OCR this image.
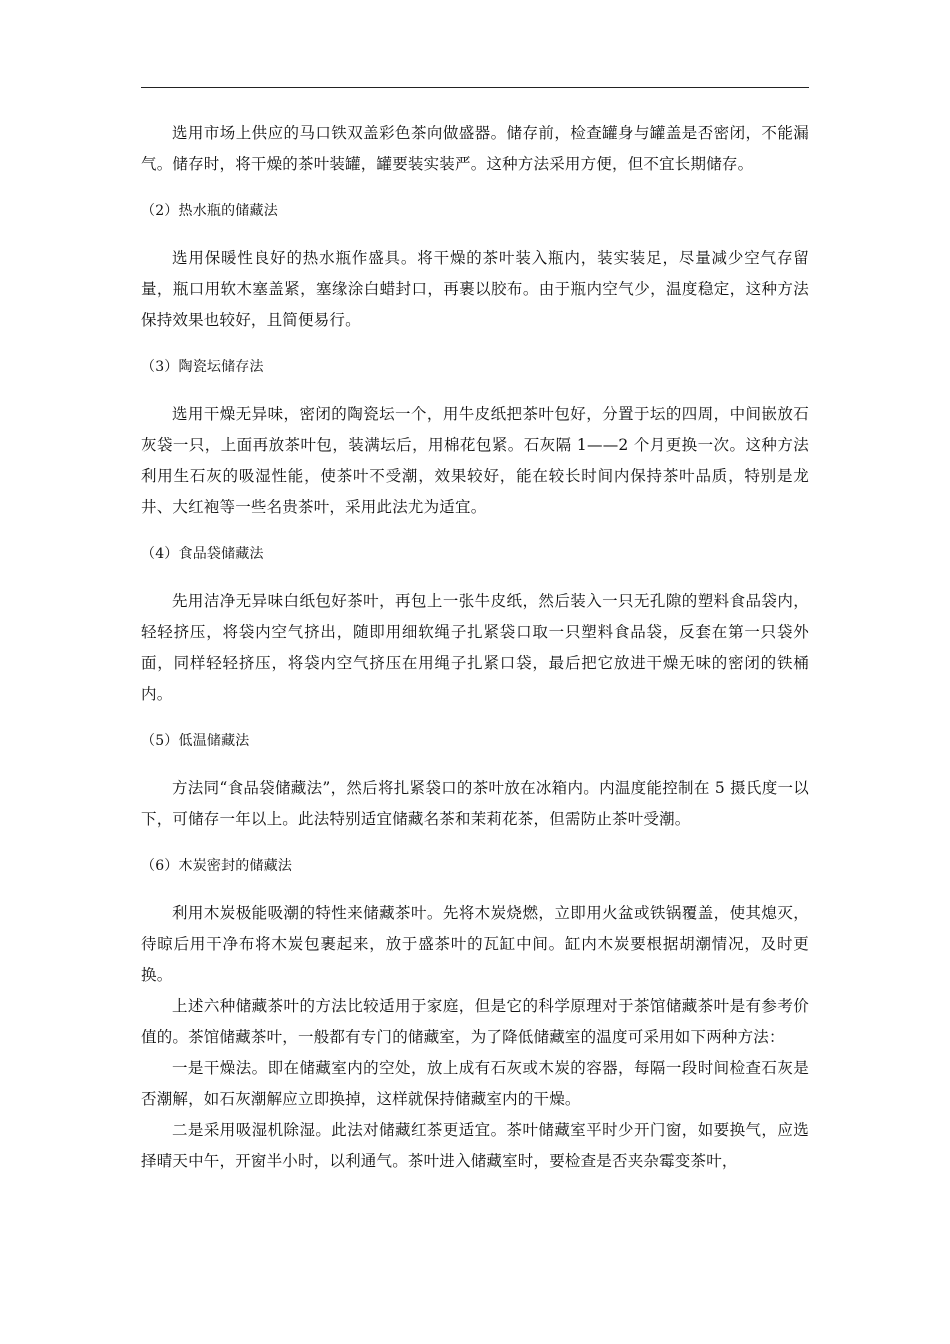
选用市场上供应的马口铁双盖彩色茶向做盛器。储存前，检查罐身与罐盖是否密闭，不能漏气。储存时，将干燥的茶叶装罐，罐要装实装严。这种方法采用方便，但不宜长期储存。

（2）热水瓶的储藏法

选用保暖性良好的热水瓶作盛具。将干燥的茶叶装入瓶内，装实装足，尽量减少空气存留量，瓶口用软木塞盖紧，塞缘涂白蜡封口，再裹以胶布。由于瓶内空气少，温度稳定，这种方法保持效果也较好，且简便易行。

（3）陶瓷坛储存法

选用干燥无异味，密闭的陶瓷坛一个，用牛皮纸把茶叶包好，分置于坛的四周，中间嵌放石灰袋一只，上面再放茶叶包，装满坛后，用棉花包紧。石灰隔 1——2 个月更换一次。这种方法利用生石灰的吸湿性能，使茶叶不受潮，效果较好，能在较长时间内保持茶叶品质，特别是龙井、大红袍等一些名贵茶叶，采用此法尤为适宜。

（4）食品袋储藏法

先用洁净无异味白纸包好茶叶，再包上一张牛皮纸，然后装入一只无孔隙的塑料食品袋内，轻轻挤压，将袋内空气挤出，随即用细软绳子扎紧袋口取一只塑料食品袋，反套在第一只袋外面，同样轻轻挤压，将袋内空气挤压在用绳子扎紧口袋，最后把它放进干燥无味的密闭的铁桶内。

（5）低温储藏法

方法同“食品袋储藏法”，然后将扎紧袋口的茶叶放在冰箱内。内温度能控制在 5 摄氏度一以下，可储存一年以上。此法特别适宜储藏名茶和茉莉花茶，但需防止茶叶受潮。

（6）木炭密封的储藏法

利用木炭极能吸潮的特性来储藏茶叶。先将木炭烧燃，立即用火盆或铁锅覆盖，使其熄灭，待晾后用干净布将木炭包裹起来，放于盛茶叶的瓦缸中间。缸内木炭要根据胡潮情况，及时更换。

上述六种储藏茶叶的方法比较适用于家庭，但是它的科学原理对于茶馆储藏茶叶是有参考价值的。茶馆储藏茶叶，一般都有专门的储藏室，为了降低储藏室的温度可采用如下两种方法：

一是干燥法。即在储藏室内的空处，放上成有石灰或木炭的容器，每隔一段时间检查石灰是否潮解，如石灰潮解应立即换掉，这样就保持储藏室内的干燥。

二是采用吸湿机除湿。此法对储藏红茶更适宜。茶叶储藏室平时少开门窗，如要换气，应选择晴天中午，开窗半小时，以利通气。茶叶进入储藏室时，要检查是否夹杂霉变茶叶，
